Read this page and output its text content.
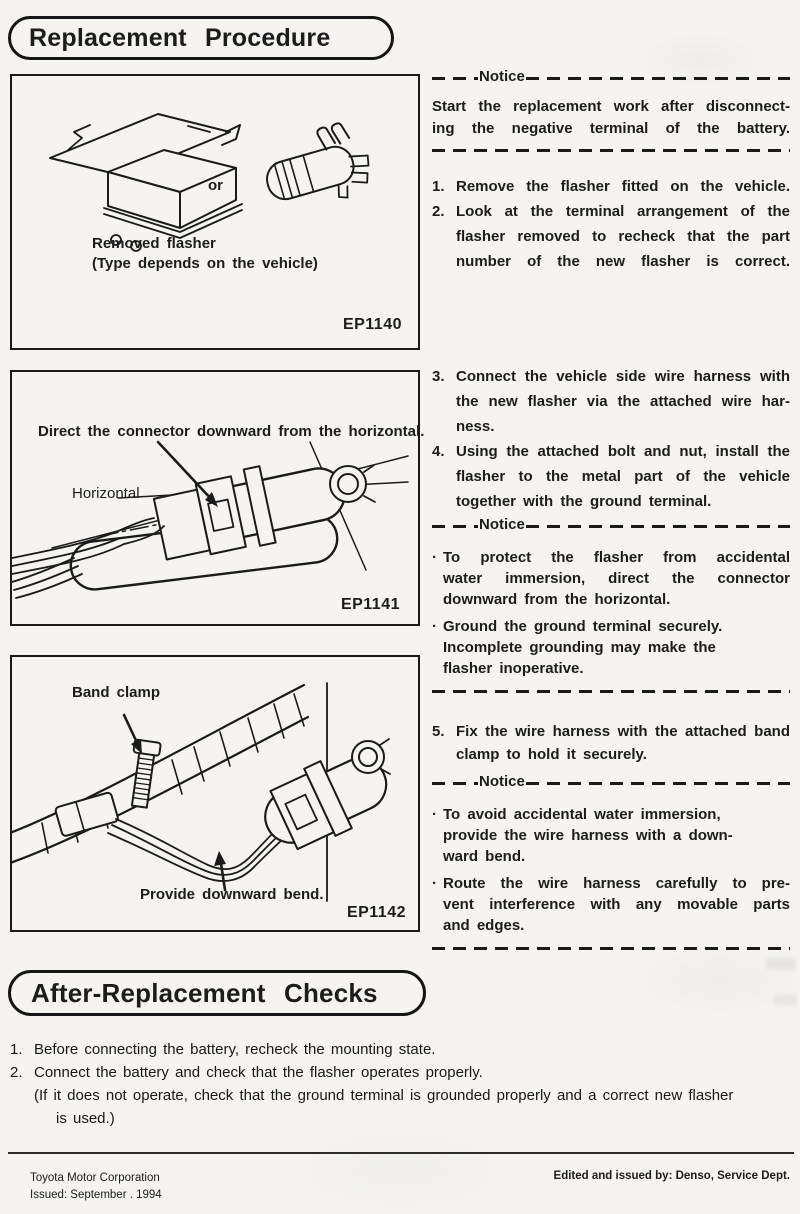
Replacement Procedure
or
Removed flasher
(Type depends on the vehicle)
EP1140
Direct the connector downward from the horizontal.
Horizontal
EP1141
Band clamp
Provide downward bend.
EP1142
Notice
Start the replacement work after disconnect-
ing the negative terminal of the battery.
1. Remove the flasher fitted on the vehicle.
2. Look at the terminal arrangement of the
flasher removed to recheck that the part
number of the new flasher is correct.
3. Connect the vehicle side wire harness with
the new flasher via the attached wire har-
ness.
4. Using the attached bolt and nut, install the
flasher to the metal part of the vehicle
together with the ground terminal.
Notice
· To protect the flasher from accidental
water immersion, direct the connector
downward from the horizontal.
· Ground the ground terminal securely.
Incomplete grounding may make the
flasher inoperative.
5. Fix the wire harness with the attached band
clamp to hold it securely.
Notice
· To avoid accidental water immersion,
provide the wire harness with a down-
ward bend.
· Route the wire harness carefully to pre-
vent interference with any movable parts
and edges.
After-Replacement Checks
1. Before connecting the battery, recheck the mounting state.
2. Connect the battery and check that the flasher operates properly.
(If it does not operate, check that the ground terminal is grounded properly and a correct new flasher
is used.)
Toyota Motor Corporation
Issued: September . 1994
Edited and issued by: Denso, Service Dept.
